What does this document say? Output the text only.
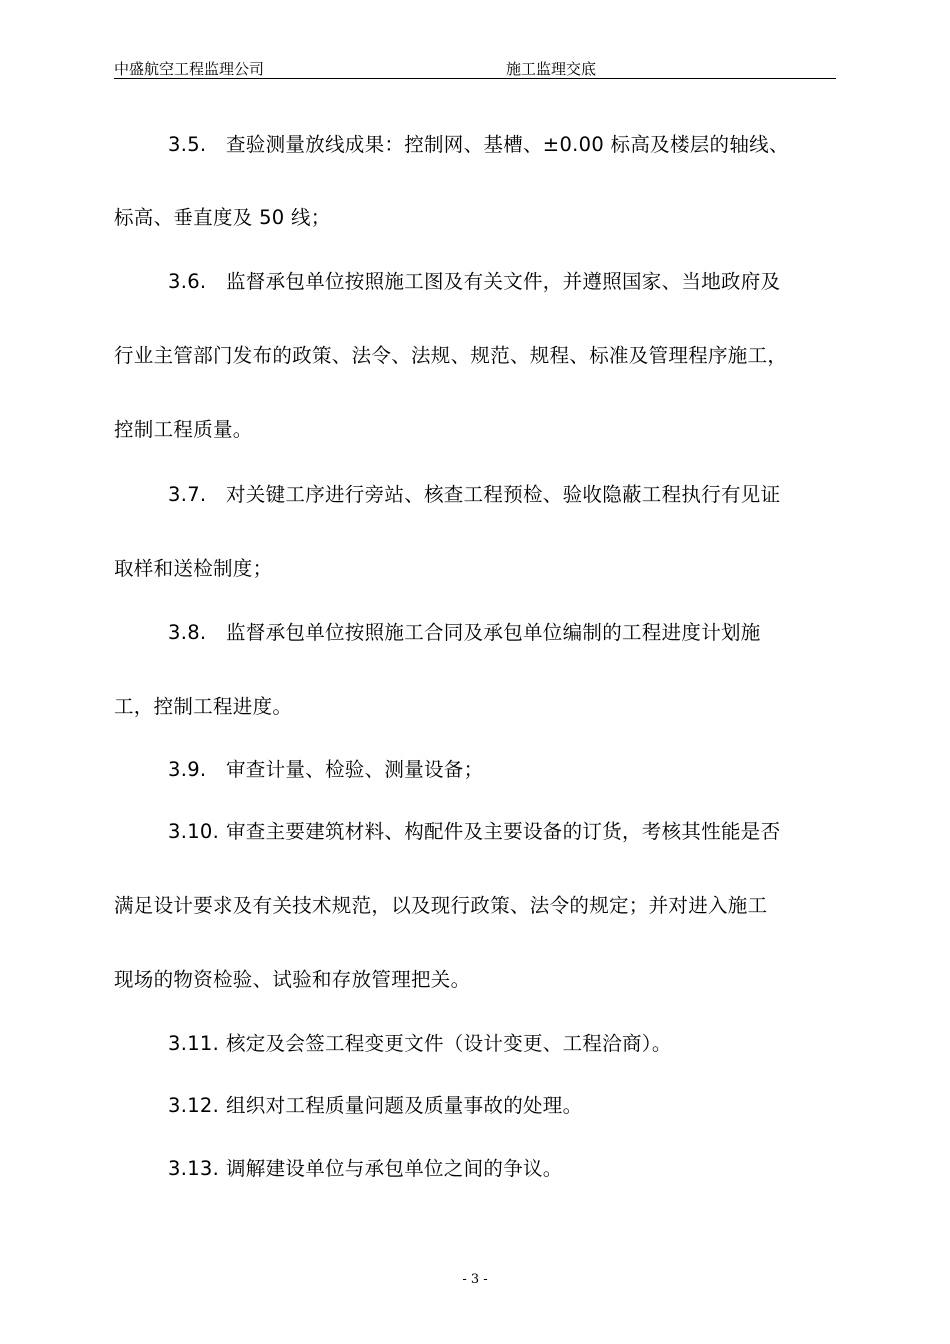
中盛航空工程监理公司	施工监理交底
3.5. 查验测量放线成果：控制网、基槽、±0.00 标高及楼层的轴线、
标高、垂直度及 50 线；
3.6. 监督承包单位按照施工图及有关文件，并遵照国家、当地政府及
行业主管部门发布的政策、法令、法规、规范、规程、标准及管理程序施工，
控制工程质量。
3.7. 对关键工序进行旁站、核查工程预检、验收隐蔽工程执行有见证
取样和送检制度；
3.8. 监督承包单位按照施工合同及承包单位编制的工程进度计划施
工，控制工程进度。
3.9. 审查计量、检验、测量设备；
3.10. 审查主要建筑材料、构配件及主要设备的订货，考核其性能是否
满足设计要求及有关技术规范，以及现行政策、法令的规定；并对进入施工
现场的物资检验、试验和存放管理把关。
3.11. 核定及会签工程变更文件（设计变更、工程洽商）。
3.12. 组织对工程质量问题及质量事故的处理。
3.13. 调解建设单位与承包单位之间的争议。
- 3 -
